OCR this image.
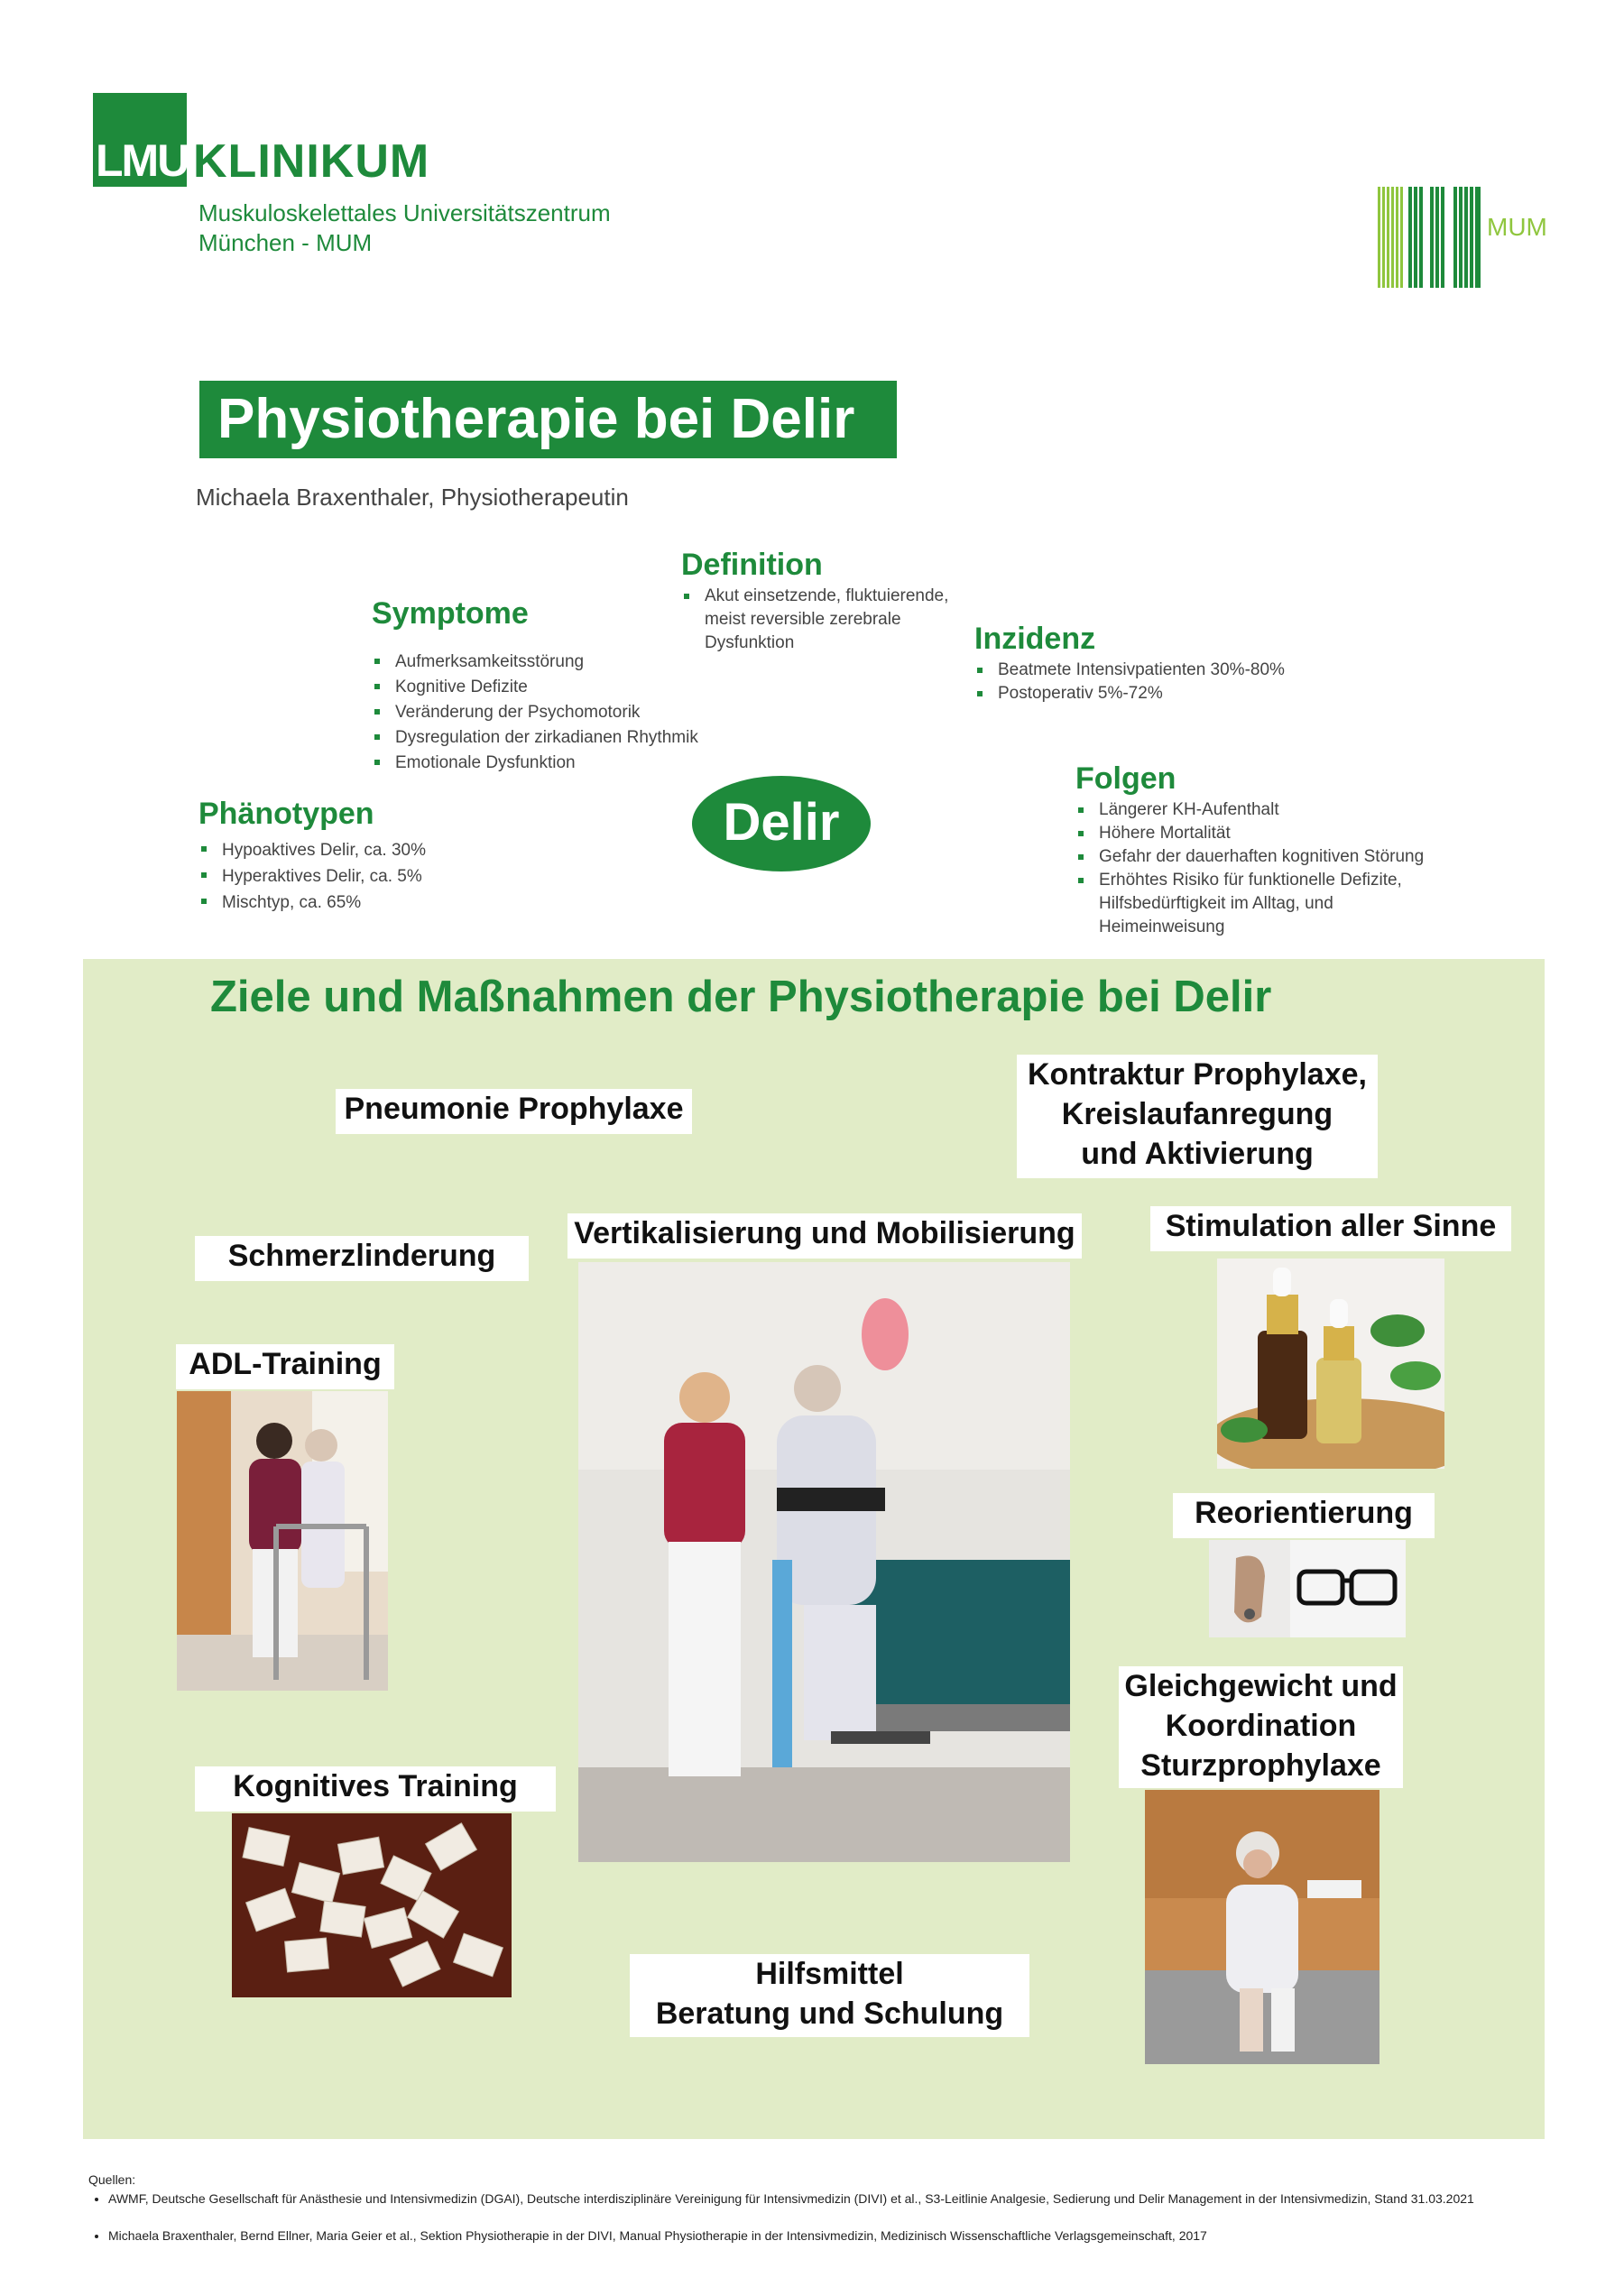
LMU KLINIKUM
Muskuloskelettales Universitätszentrum
München - MUM
MUM
Physiotherapie bei Delir
Michaela Braxenthaler, Physiotherapeutin
Definition
Akut einsetzende, fluktuierende, meist reversible zerebrale Dysfunktion
Symptome
Aufmerksamkeitsstörung
Kognitive Defizite
Veränderung der Psychomotorik
Dysregulation der zirkadianen Rhythmik
Emotionale Dysfunktion
Inzidenz
Beatmete Intensivpatienten 30%-80%
Postoperativ 5%-72%
Phänotypen
Hypoaktives Delir, ca. 30%
Hyperaktives Delir, ca. 5%
Mischtyp, ca. 65%
Delir
Folgen
Längerer KH-Aufenthalt
Höhere Mortalität
Gefahr der dauerhaften kognitiven Störung
Erhöhtes Risiko für funktionelle Defizite, Hilfsbedürftigkeit im Alltag, und Heimeinweisung
Ziele und Maßnahmen der Physiotherapie bei Delir
Pneumonie Prophylaxe
Kontraktur Prophylaxe,
Kreislaufanregung
und Aktivierung
Schmerzlinderung
Vertikalisierung und Mobilisierung	Stimulation aller Sinne
ADL-Training
Reorientierung
Gleichgewicht und
Koordination
Sturzprophylaxe
Kognitives Training
Hilfsmittel
Beratung und Schulung
Quellen:
• AWMF, Deutsche Gesellschaft für Anästhesie und Intensivmedizin (DGAI), Deutsche interdisziplinäre Vereinigung für Intensivmedizin (DIVI) et al., S3-Leitlinie Analgesie, Sedierung und Delir Management in der Intensivmedizin, Stand 31.03.2021
• Michaela Braxenthaler, Bernd Ellner, Maria Geier et al., Sektion Physiotherapie in der DIVI, Manual Physiotherapie in der Intensivmedizin, Medizinisch Wissenschaftliche Verlagsgemeinschaft, 2017
